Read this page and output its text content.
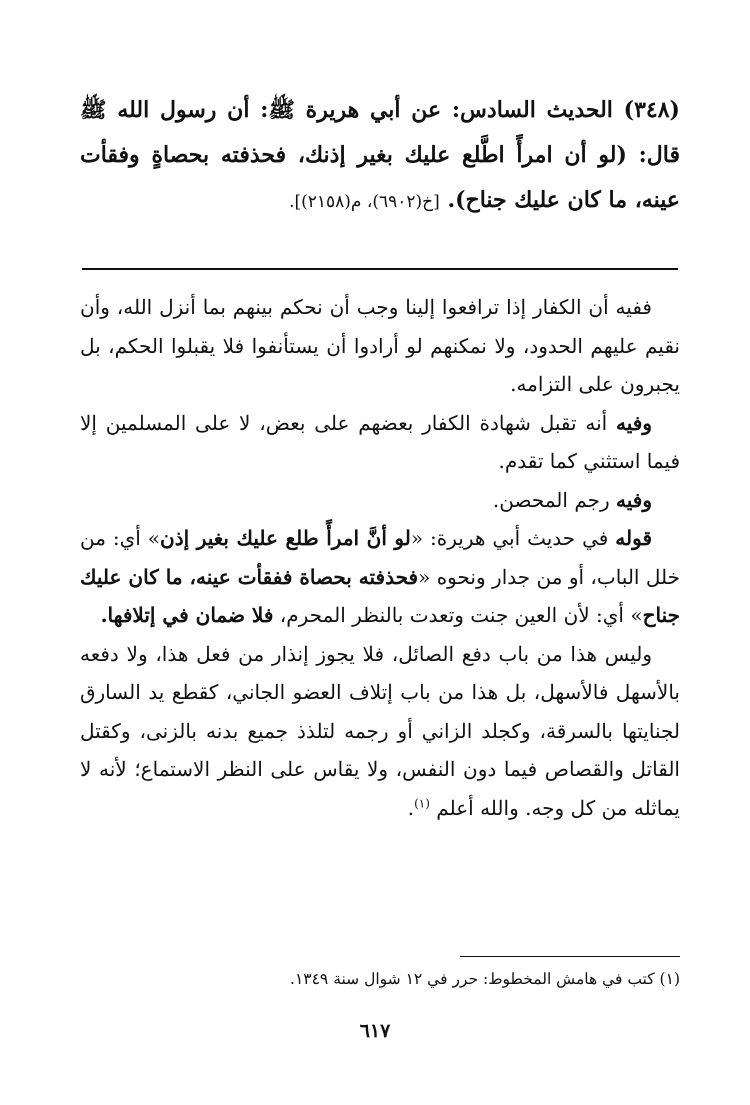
(٣٤٨) الحديث السادس: عن أبي هريرة ﷺ: أن رسول الله ﷺ قال: (لو أن امرأً اطَّلع عليك بغير إذنك، فحذفته بحصاةٍ وفقأت عينه، ما كان عليك جناح). [خ(٦٩٠٢)، م(٢١٥٨)].

ففيه أن الكفار إذا ترافعوا إلينا وجب أن نحكم بينهم بما أنزل الله، وأن نقيم عليهم الحدود، ولا نمكنهم لو أرادوا أن يستأنفوا فلا يقبلوا الحكم، بل يجبرون على التزامه.

وفيه أنه تقبل شهادة الكفار بعضهم على بعض، لا على المسلمين إلا فيما استثني كما تقدم.

وفيه رجم المحصن.

قوله في حديث أبي هريرة: «لو أنَّ امرأً طلع عليك بغير إذن» أي: من خلل الباب، أو من جدار ونحوه «فحذفته بحصاة ففقأت عينه، ما كان عليك جناح» أي: لأن العين جنت وتعدت بالنظر المحرم، فلا ضمان في إتلافها.

وليس هذا من باب دفع الصائل، فلا يجوز إنذار من فعل هذا، ولا دفعه بالأسهل فالأسهل، بل هذا من باب إتلاف العضو الجاني، كقطع يد السارق لجنايتها بالسرقة، وكجلد الزاني أو رجمه لتلذذ جميع بدنه بالزنى، وكقتل القاتل والقصاص فيما دون النفس، ولا يقاس على النظر الاستماع؛ لأنه لا يماثله من كل وجه. والله أعلم $^{(١)}$.

(١) كتب في هامش المخطوط: حرر في ١٢ شوال سنة ١٣٤٩.
٦١٧
